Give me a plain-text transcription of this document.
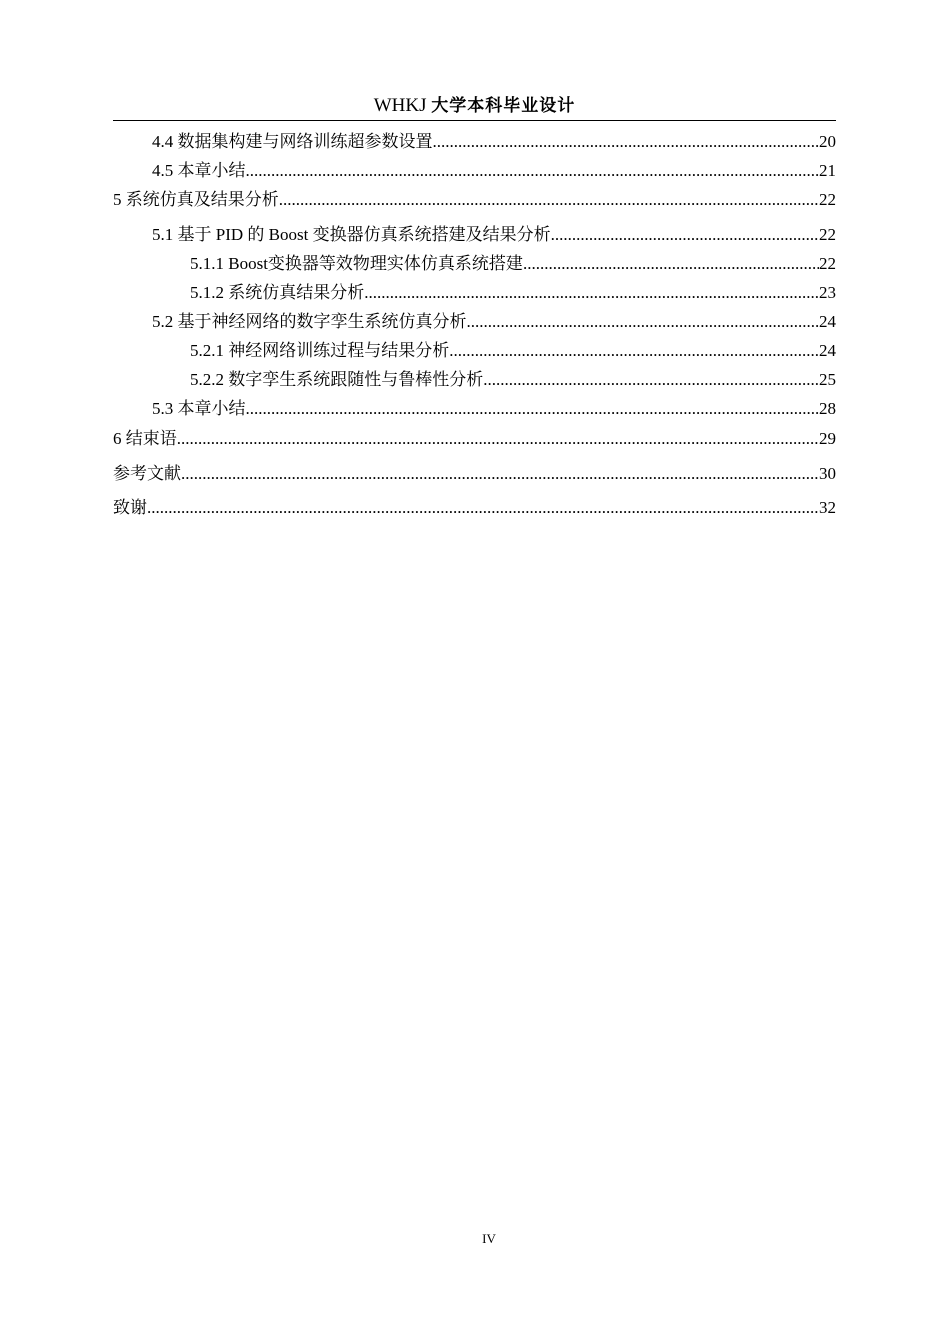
WHKJ 大学本科毕业设计
4.4 数据集构建与网络训练超参数设置 .....	20
4.5 本章小结 .....	21
5 系统仿真及结果分析 .....	22
5.1 基于 PID 的 Boost 变换器仿真系统搭建及结果分析 .....	22
5.1.1 Boost变换器等效物理实体仿真系统搭建 .....	22
5.1.2 系统仿真结果分析 .....	23
5.2 基于神经网络的数字孪生系统仿真分析 .....	24
5.2.1 神经网络训练过程与结果分析 .....	24
5.2.2 数字孪生系统跟随性与鲁棒性分析 .....	25
5.3 本章小结 .....	28
6 结束语 .....	29
参考文献 .....	30
致谢 .....	32
IV
